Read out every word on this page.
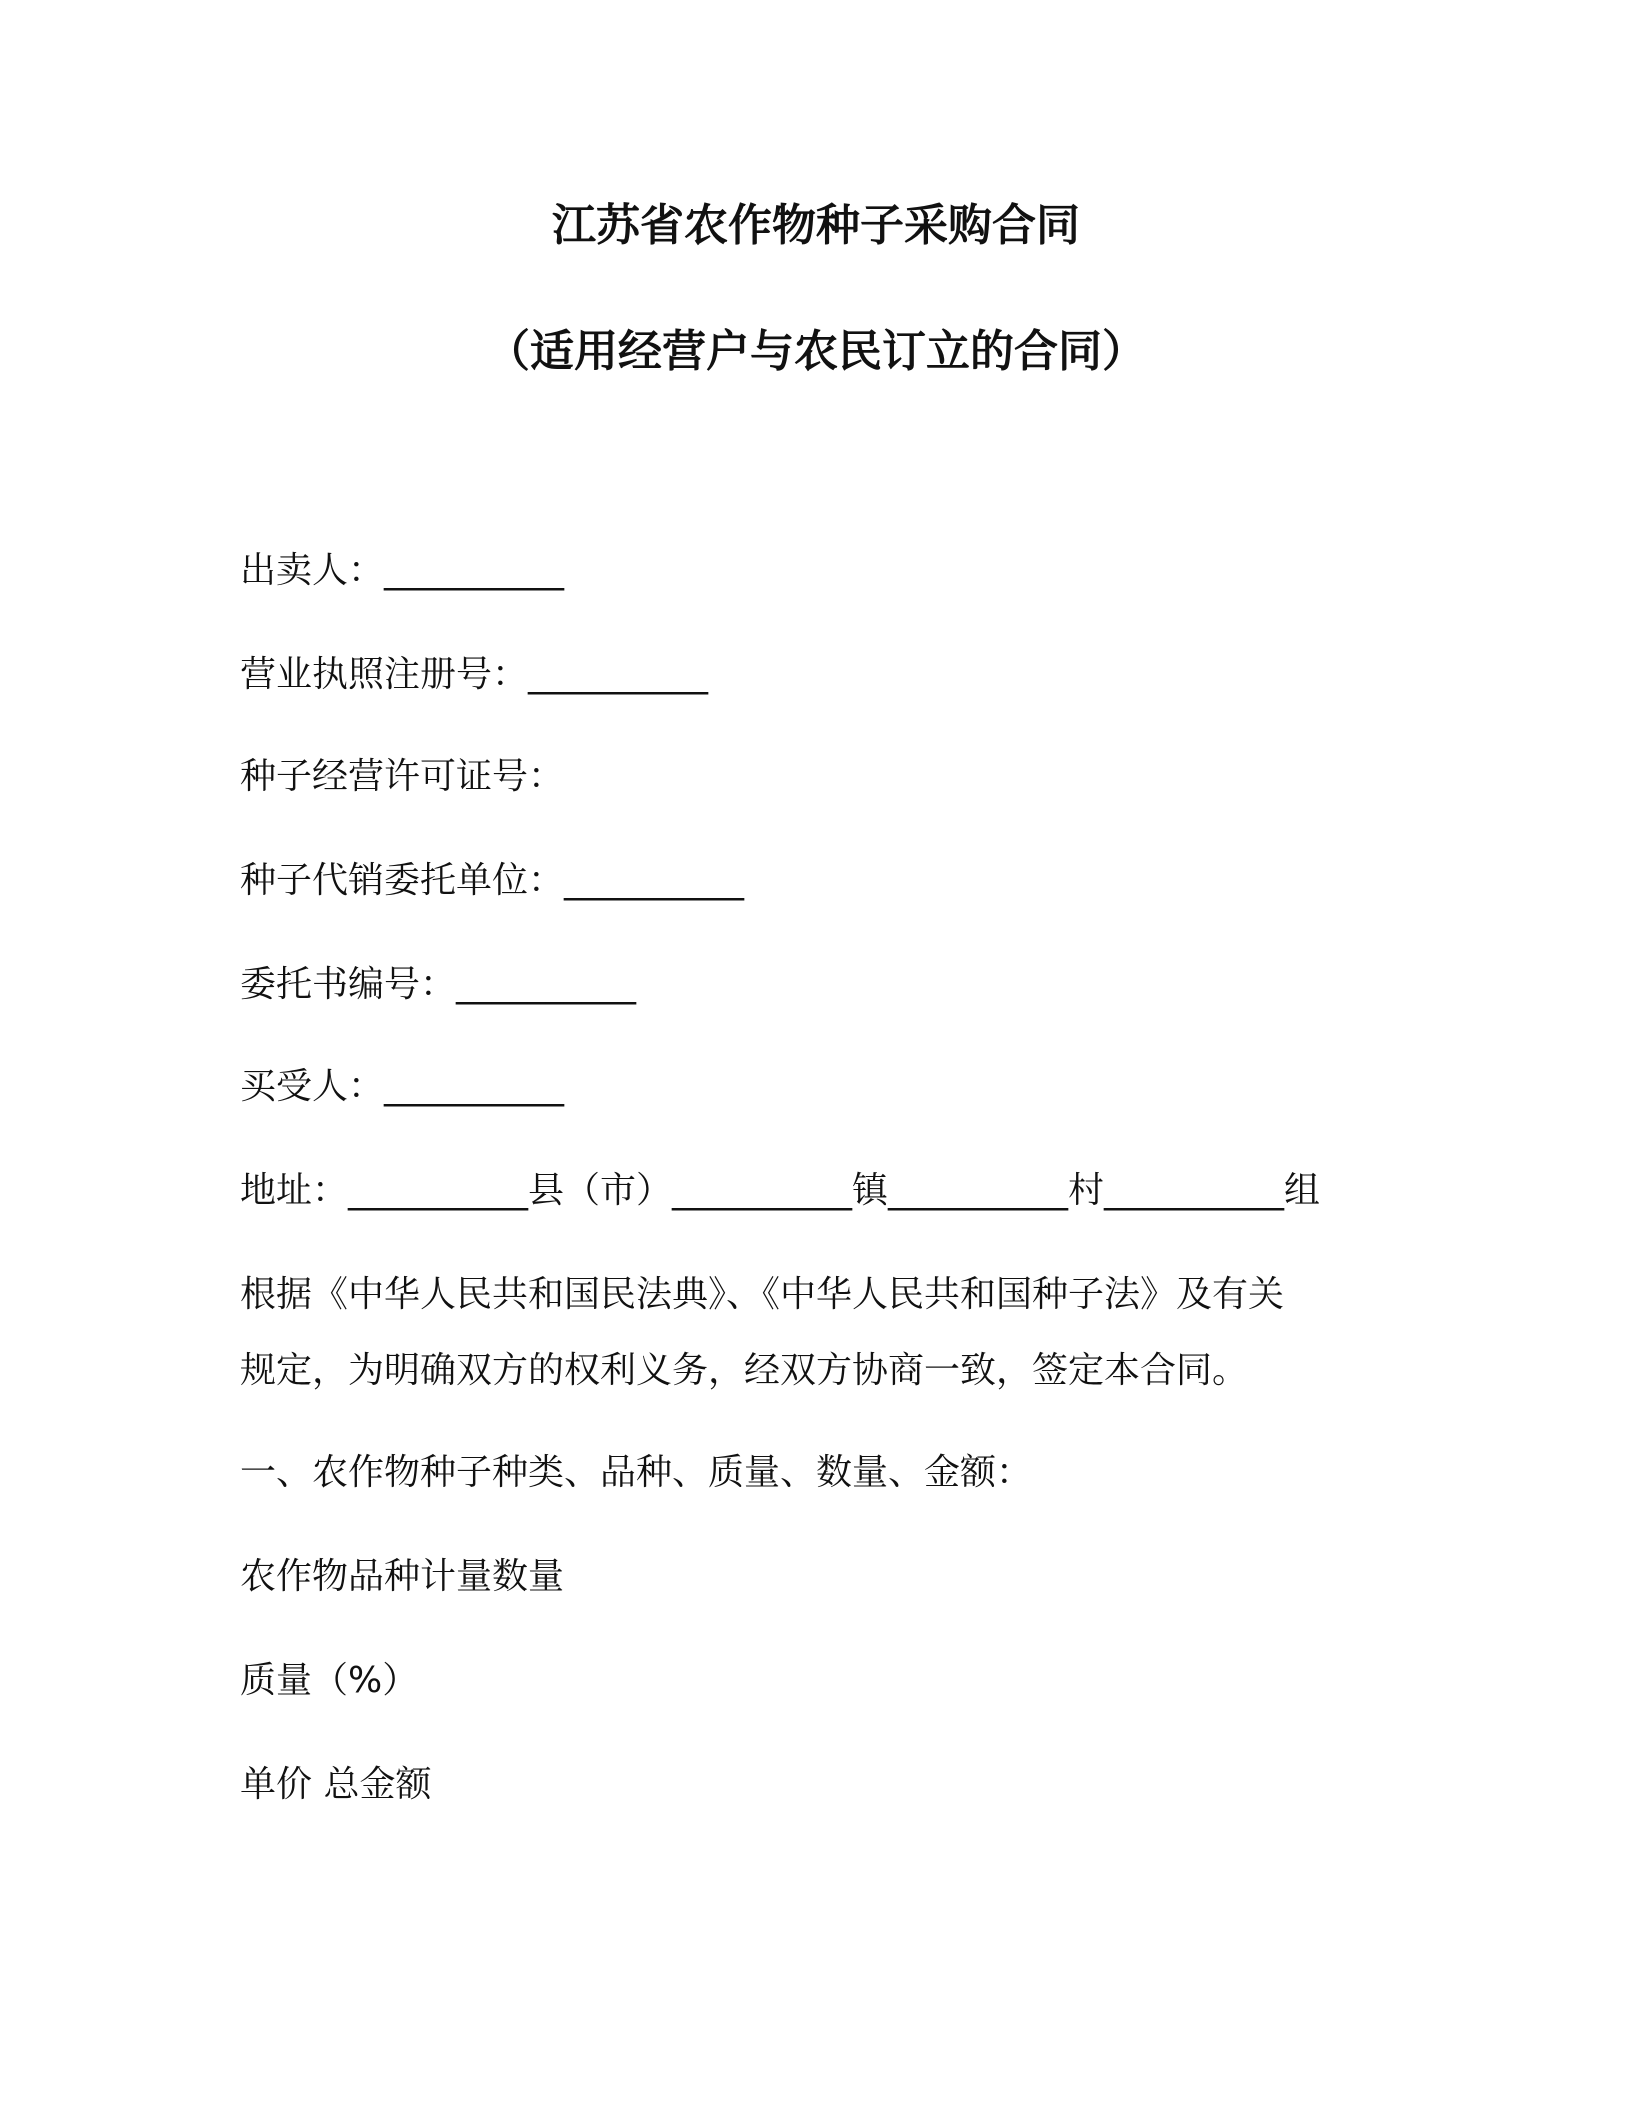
江苏省农作物种子采购合同
（适用经营户与农民订立的合同）
出卖人：__________
营业执照注册号：__________
种子经营许可证号：
种子代销委托单位：__________
委托书编号：__________
买受人：__________
地址：__________县（市）__________镇__________村__________组
根据《中华人民共和国民法典》、《中华人民共和国种子法》及有关
规定，为明确双方的权利义务，经双方协商一致，签定本合同。
一、农作物种子种类、品种、质量、数量、金额：
农作物品种计量数量
质量（%）
单价 总金额
